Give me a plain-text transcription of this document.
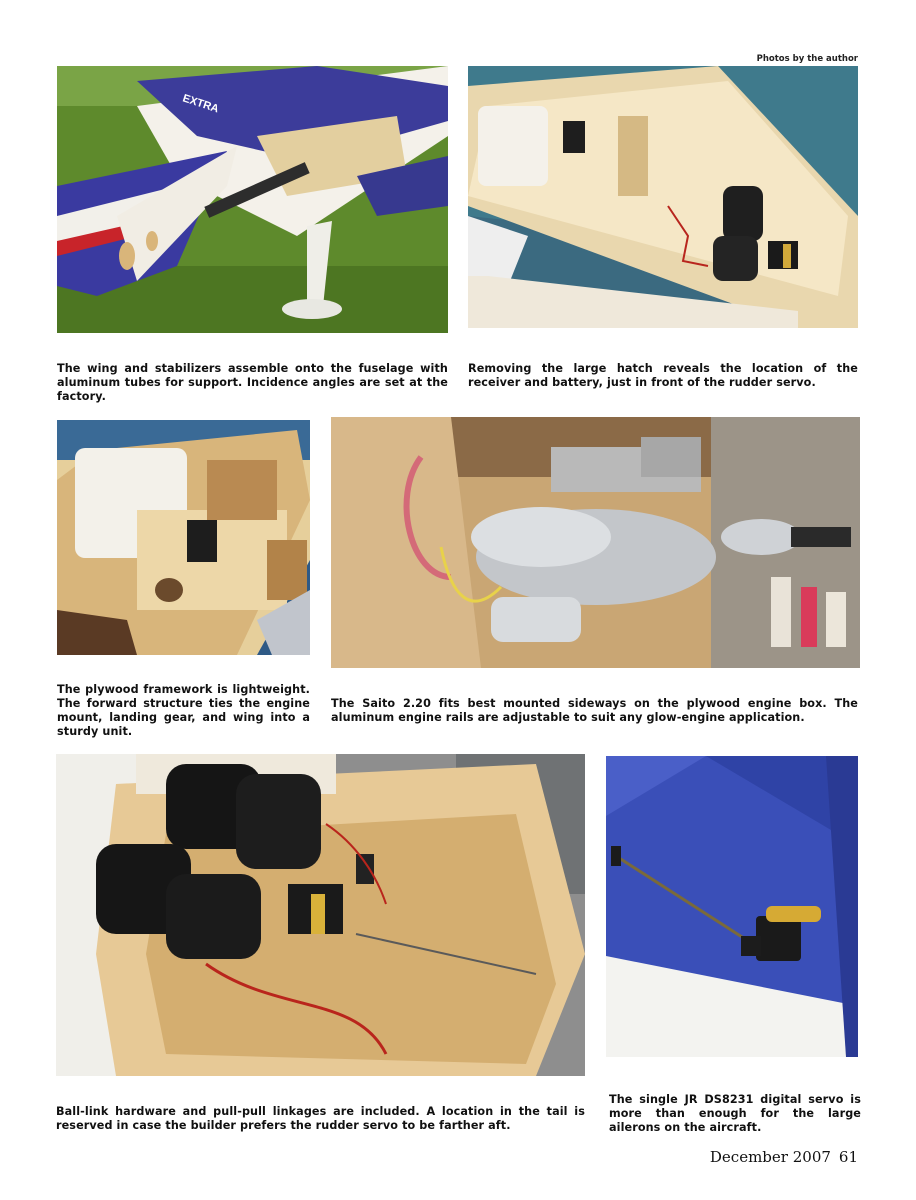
Photos by the author
EXTRA
The wing and stabilizers assemble onto the fuselage with aluminum tubes for support. Incidence angles are set at the factory.
Removing the large hatch reveals the location of the receiver and battery, just in front of the rudder servo.
The plywood framework is lightweight. The forward structure ties the engine mount, landing gear, and wing into a sturdy unit.
The Saito 2.20 fits best mounted sideways on the plywood engine box. The aluminum engine rails are adjustable to suit any glow-engine application.
Ball-link hardware and pull-pull linkages are included. A location in the tail is reserved in case the builder prefers the rudder servo to be farther aft.
The single JR DS8231 digital servo is more than enough for the large ailerons on the aircraft.
December 2007 61
